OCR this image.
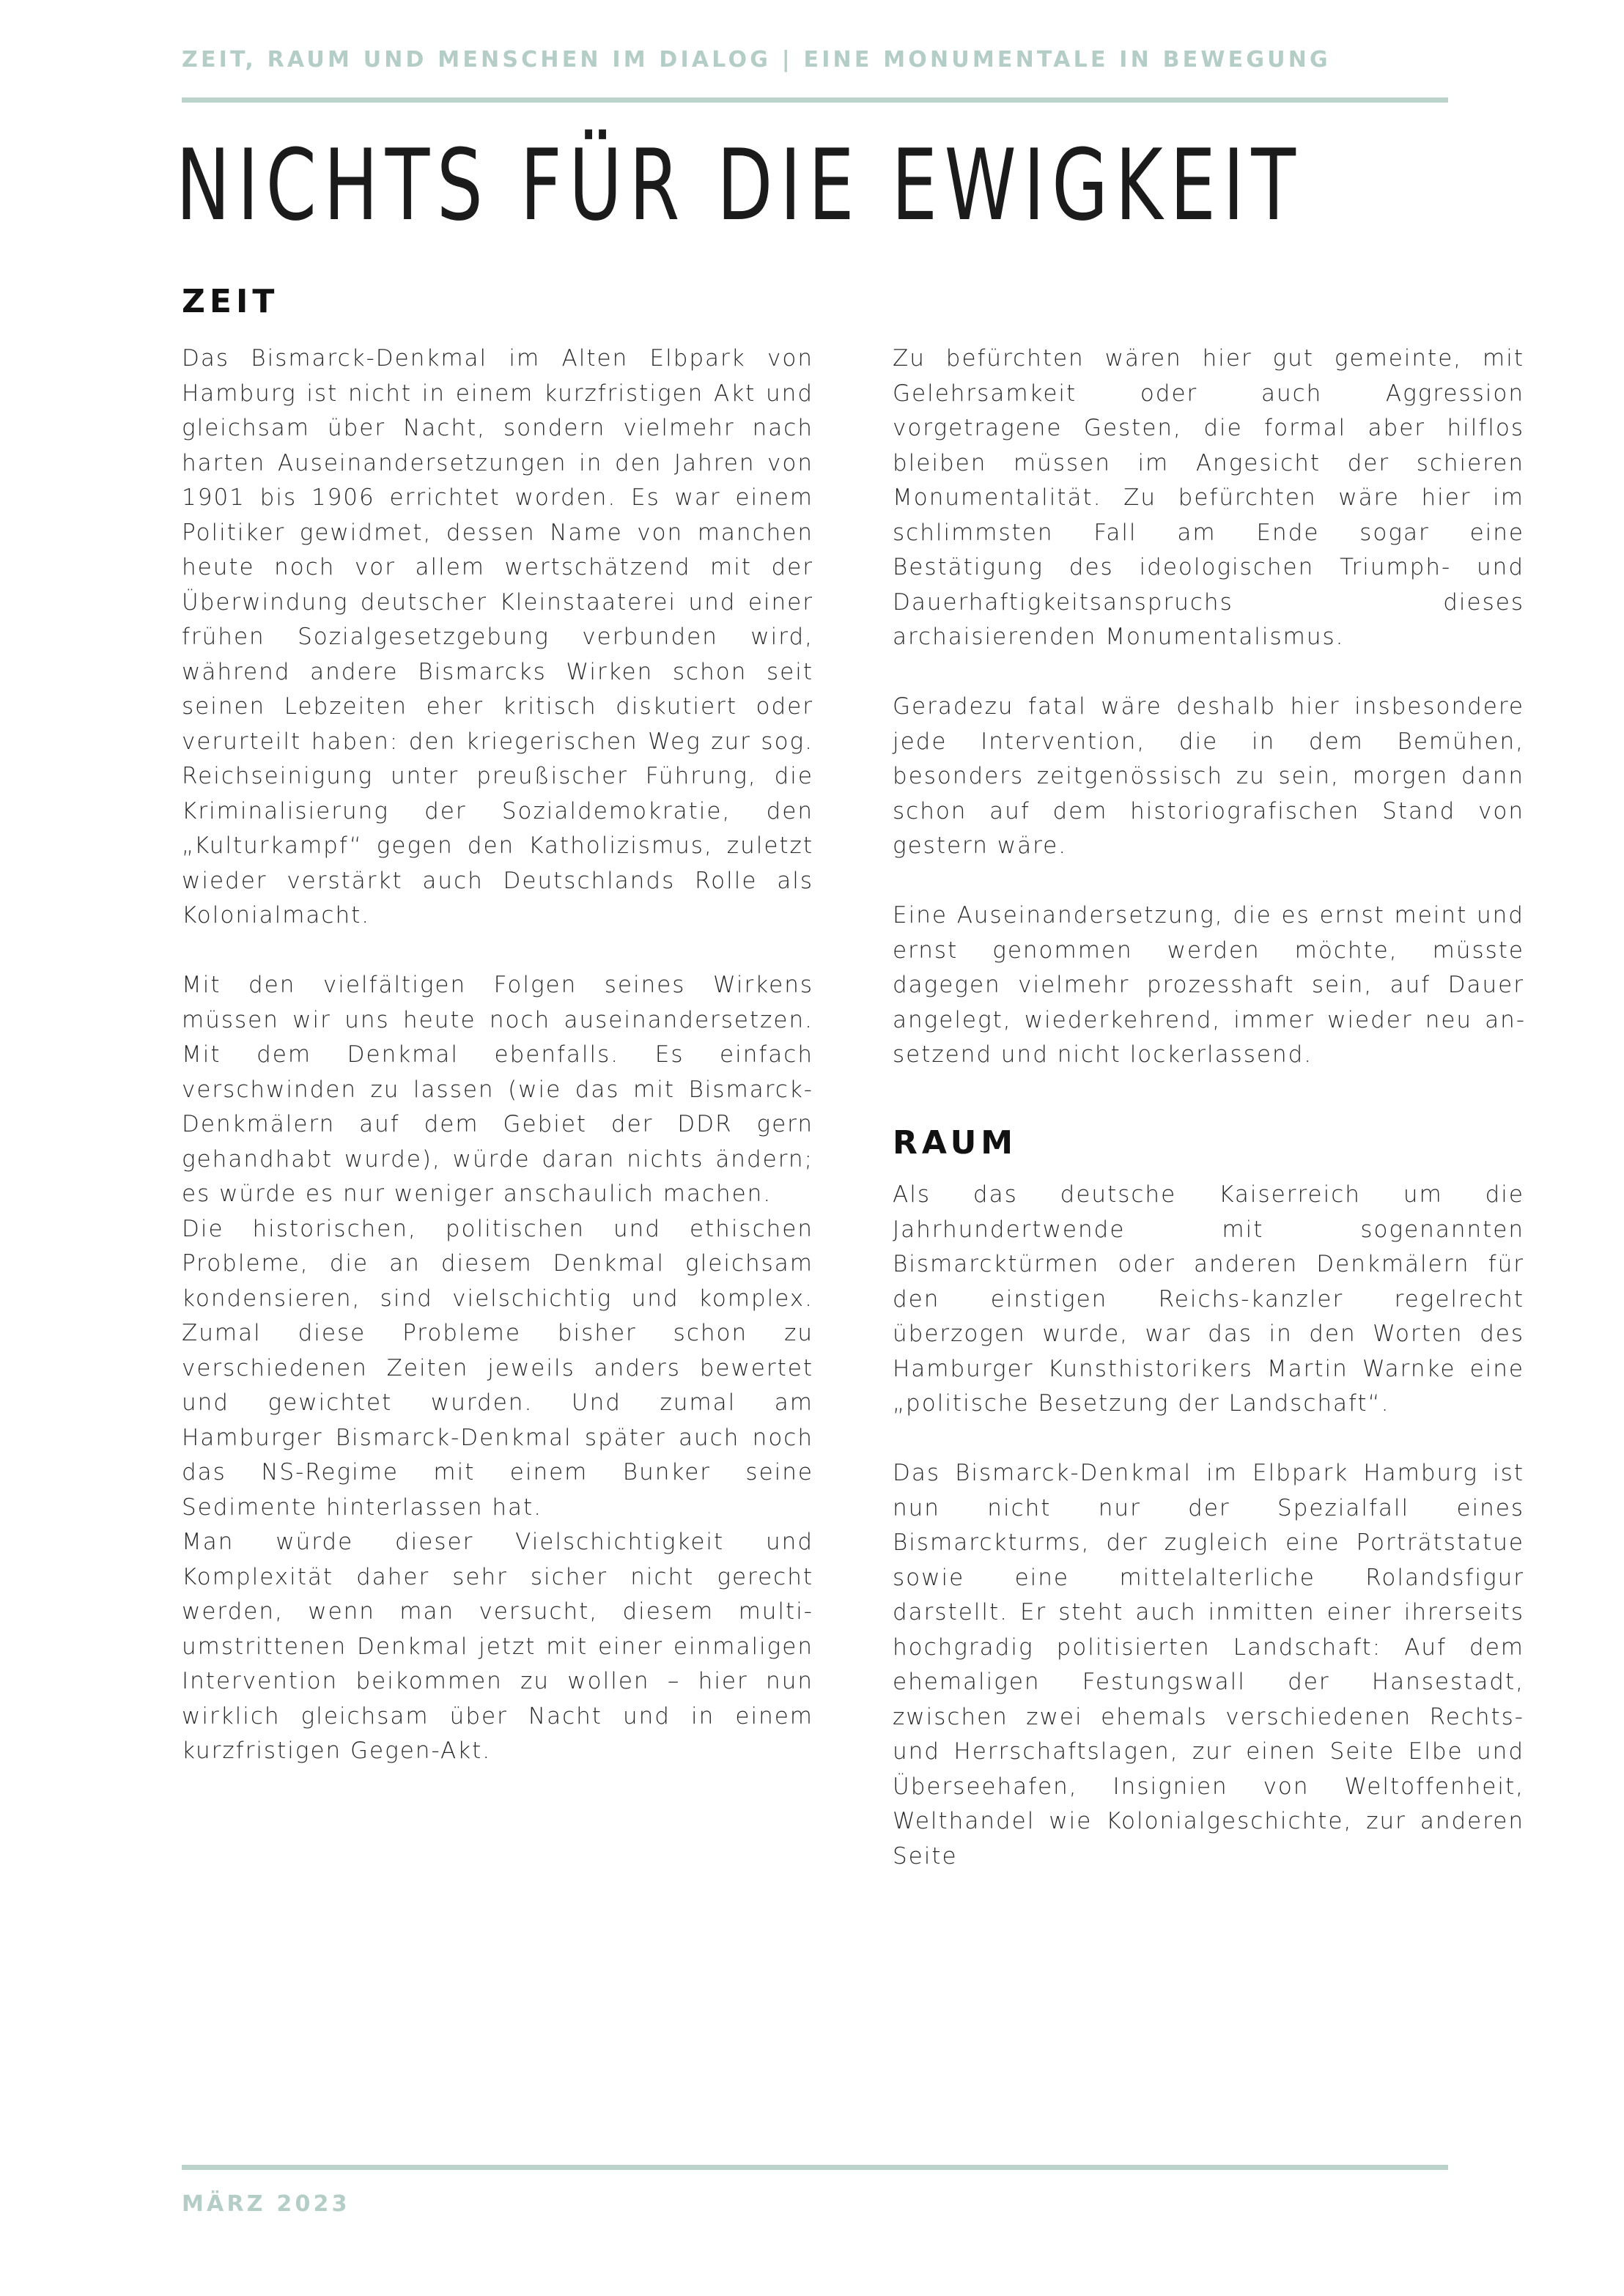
ZEIT, RAUM UND MENSCHEN IM DIALOG | EINE MONUMENTALE IN BEWEGUNG
NICHTS FÜR DIE EWIGKEIT
ZEIT

Das Bismarck-Denkmal im Alten Elbpark von Hamburg ist nicht in einem kurzfristigen Akt und gleichsam über Nacht, sondern vielmehr nach harten Auseinandersetzungen in den Jahren von 1901 bis 1906 errichtet worden. Es war einem Politiker gewidmet, dessen Name von manchen heute noch vor allem wertschätzend mit der Überwindung deutscher Kleinstaaterei und einer frühen Sozialgesetzgebung verbunden wird, während andere Bismarcks Wirken schon seit seinen Lebzeiten eher kritisch diskutiert oder verurteilt haben: den kriegerischen Weg zur sog. Reichseinigung unter preußischer Führung, die Kriminalisierung der Sozialdemokratie, den „Kulturkampf“ gegen den Katholizismus, zuletzt wieder verstärkt auch Deutschlands Rolle als Kolonialmacht.

Mit den vielfältigen Folgen seines Wirkens müssen wir uns heute noch auseinandersetzen. Mit dem Denkmal ebenfalls. Es einfach verschwinden zu lassen (wie das mit Bismarck-Denkmälern auf dem Gebiet der DDR gern gehandhabt wurde), würde daran nichts ändern; es würde es nur weniger anschaulich machen.

Die historischen, politischen und ethischen Probleme, die an diesem Denkmal gleichsam kondensieren, sind vielschichtig und komplex. Zumal diese Probleme bisher schon zu verschiedenen Zeiten jeweils anders bewertet und gewichtet wurden. Und zumal am Hamburger Bismarck-Denkmal später auch noch das NS-Regime mit einem Bunker seine Sedimente hinterlassen hat.

Man würde dieser Vielschichtigkeit und Komplexität daher sehr sicher nicht gerecht werden, wenn man versucht, diesem multi-umstrittenen Denkmal jetzt mit einer einmaligen Intervention beikommen zu wollen – hier nun wirklich gleichsam über Nacht und in einem kurzfristigen Gegen-Akt.

Zu befürchten wären hier gut gemeinte, mit Gelehrsamkeit oder auch Aggression vorgetragene Gesten, die formal aber hilflos bleiben müssen im Angesicht der schieren Monumentalität. Zu befürchten wäre hier im schlimmsten Fall am Ende sogar eine Bestätigung des ideologischen Triumph- und Dauerhaftigkeitsanspruchs dieses archaisierenden Monumentalismus.

Geradezu fatal wäre deshalb hier insbesondere jede Intervention, die in dem Bemühen, besonders zeitgenössisch zu sein, morgen dann schon auf dem historiografischen Stand von gestern wäre.

Eine Auseinandersetzung, die es ernst meint und ernst genommen werden möchte, müsste dagegen vielmehr prozesshaft sein, auf Dauer angelegt, wiederkehrend, immer wieder neu ansetzend und nicht lockerlassend.

RAUM

Als das deutsche Kaiserreich um die Jahrhundertwende mit sogenannten Bismarcktürmen oder anderen Denkmälern für den einstigen Reichs-kanzler regelrecht überzogen wurde, war das in den Worten des Hamburger Kunsthistorikers Martin Warnke eine „politische Besetzung der Landschaft“.

Das Bismarck-Denkmal im Elbpark Hamburg ist nun nicht nur der Spezialfall eines Bismarckturms, der zugleich eine Porträtstatue sowie eine mittelalterliche Rolandsfigur darstellt. Er steht auch inmitten einer ihrerseits hochgradig politisierten Landschaft: Auf dem ehemaligen Festungswall der Hansestadt, zwischen zwei ehemals verschiedenen Rechts- und Herrschaftslagen, zur einen Seite Elbe und Überseehafen, Insignien von Weltoffenheit, Welthandel wie Kolonialgeschichte, zur anderen Seite

MÄRZ 2023
